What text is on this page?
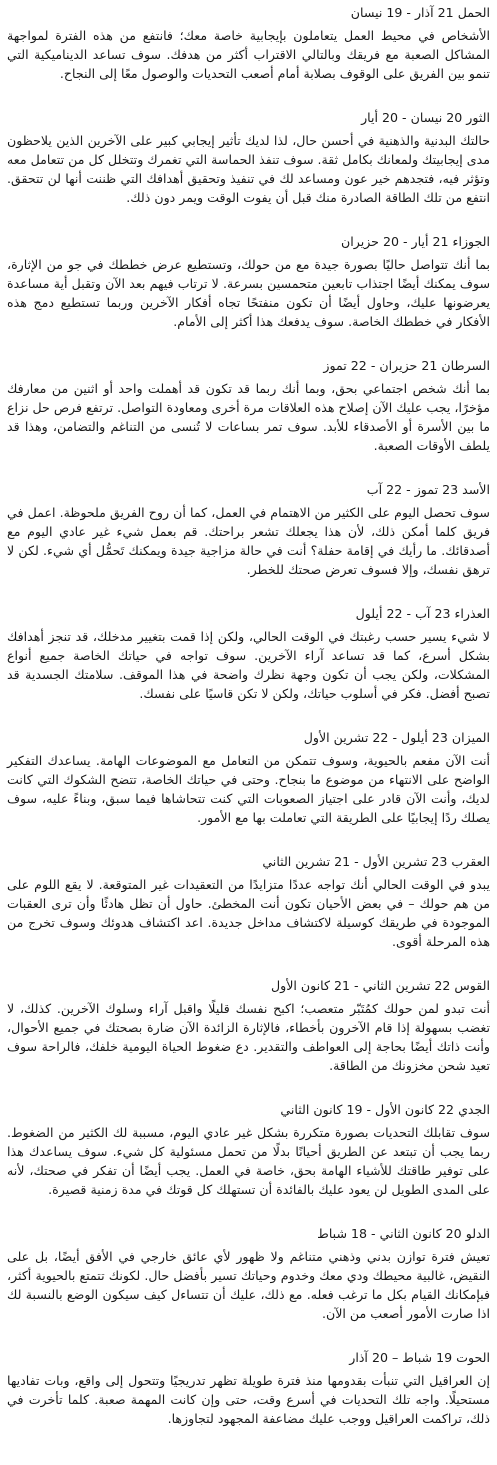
الحمل 21 آذار - 19 نيسان

الأشخاص في محيط العمل يتعاملون بإيجابية خاصة معك؛ فانتفع من هذه الفترة لمواجهة المشاكل الصعبة مع فريقك وبالتالي الاقتراب أكثر من هدفك. سوف تساعد الديناميكية التي تنمو بين الفريق على الوقوف بصلابة أمام أصعب التحديات والوصول معًا إلى النجاح.

الثور 20 نيسان - 20 أيار

حالتك البدنية والذهنية في أحسن حال، لذا لديك تأثير إيجابي كبير على الآخرين الذين يلاحظون مدى إيجابيتك ولمعانك بكامل ثقة. سوف تنفذ الحماسة التي تغمرك وتتخلل كل من تتعامل معه وتؤثر فيه، فتجدهم خير عون ومساعد لك في تنفيذ وتحقيق أهدافك التي ظننت أنها لن تتحقق. انتفع من تلك الطاقة الصادرة منك قبل أن يفوت الوقت ويمر دون ذلك.

الجوزاء 21 أيار - 20 حزيران

بما أنك تتواصل حاليًا بصورة جيدة مع من حولك، وتستطيع عرض خططك في جو من الإثارة، سوف يمكنك أيضًا اجتذاب تابعين متحمسين بسرعة. لا ترتاب فيهم بعد الآن وتقبل أية مساعدة يعرضونها عليك، وحاول أيضًا أن تكون منفتحًا تجاه أفكار الآخرين وربما تستطيع دمج هذه الأفكار في خططك الخاصة. سوف يدفعك هذا أكثر إلى الأمام.

السرطان 21 حزيران - 22 تموز

بما أنك شخص اجتماعي بحق، وبما أنك ربما قد تكون قد أهملت واحد أو اثنين من معارفك مؤخرًا، يجب عليك الآن إصلاح هذه العلاقات مرة أخرى ومعاودة التواصل. ترتفع فرص حل نزاع ما بين الأسرة أو الأصدقاء للأبد. سوف تمر بساعات لا تُنسى من التناغم والتضامن، وهذا قد يلطف الأوقات الصعبة.

الأسد 23 تموز - 22 آب

سوف تحصل اليوم على الكثير من الاهتمام في العمل، كما أن روح الفريق ملحوظة. اعمل في فريق كلما أمكن ذلك، لأن هذا يجعلك تشعر براحتك. قم بعمل شيء غير عادي اليوم مع أصدقائك. ما رأيك في إقامة حفلة؟ أنت في حالة مزاجية جيدة ويمكنك تَحمُّل أي شيء. لكن لا ترهق نفسك، وإلا فسوف تعرض صحتك للخطر.

العذراء 23 آب - 22 أيلول

لا شيء يسير حسب رغبتك في الوقت الحالي، ولكن إذا قمت بتغيير مدخلك، قد تنجز أهدافك بشكل أسرع، كما قد تساعد آراء الآخرين. سوف تواجه في حياتك الخاصة جميع أنواع المشكلات، ولكن يجب أن تكون وجهة نظرك واضحة في هذا الموقف. سلامتك الجسدية قد تصبح أفضل. فكر في أسلوب حياتك، ولكن لا تكن قاسيًا على نفسك.

الميزان 23 أيلول - 22 تشرين الأول

أنت الآن مفعم بالحيوية، وسوف تتمكن من التعامل مع الموضوعات الهامة. يساعدك التفكير الواضح على الانتهاء من موضوع ما بنجاح. وحتى في حياتك الخاصة، تتضح الشكوك التي كانت لديك، وأنت الآن قادر على اجتياز الصعوبات التي كنت تتحاشاها فيما سبق، وبناءً عليه، سوف يصلك ردًا إيجابيًا على الطريقة التي تعاملت بها مع الأمور.

العقرب 23 تشرين الأول - 21 تشرين الثاني

يبدو في الوقت الحالي أنك تواجه عددًا متزايدًا من التعقيدات غير المتوقعة. لا يقع اللوم على من هم حولك – في بعض الأحيان تكون أنت المخطئ. حاول أن تظل هادئًا وأن ترى العقبات الموجودة في طريقك كوسيلة لاكتشاف مداخل جديدة. اعد اكتشاف هدوئك وسوف تخرج من هذه المرحلة أقوى.

القوس 22 تشرين الثاني - 21 كانون الأول

أنت تبدو لمن حولك كمُتَبّر متعصب؛ اكبح نفسك قليلًا واقبل آراء وسلوك الآخرين. كذلك، لا تغضب بسهولة إذا قام الآخرون بأخطاء، فالإثارة الزائدة الآن ضارة بصحتك في جميع الأحوال، وأنت ذاتك أيضًا بحاجة إلى العواطف والتقدير. دع ضغوط الحياة اليومية خلفك، فالراحة سوف تعيد شحن مخزونك من الطاقة.

الجدي 22 كانون الأول - 19 كانون الثاني

سوف تقابلك التحديات بصورة متكررة بشكل غير عادي اليوم، مسببة لك الكثير من الضغوط. ربما يجب أن تبتعد عن الطريق أحيانًا بدلًا من تحمل مسئولية كل شيء. سوف يساعدك هذا على توفير طاقتك للأشياء الهامة بحق، خاصة في العمل. يجب أيضًا أن تفكر في صحتك، لأنه على المدى الطويل لن يعود عليك بالفائدة أن تستهلك كل قوتك في مدة زمنية قصيرة.

الدلو 20 كانون الثاني - 18 شباط

تعيش فترة توازن بدني وذهني متناغم ولا ظهور لأي عائق خارجي في الأفق أيضًا، بل على النقيض، غالبية محيطك ودي معك وخدوم وحياتك تسير بأفضل حال. لكونك تتمتع بالحيوية أكثر، فبإمكانك القيام بكل ما ترغب فعله. مع ذلك، عليك أن تتساءل كيف سيكون الوضع بالنسبة لك اذا صارت الأمور أصعب من الآن.

الحوت 19 شباط – 20 آذار

إن العراقيل التي تنبأت بقدومها منذ فترة طويلة تظهر تدريجيًا وتتحول إلى واقع، وبات تفاديها مستحيلًا. واجه تلك التحديات في أسرع وقت، حتى وإن كانت المهمة صعبة. كلما تأخرت في ذلك، تراكمت العراقيل ووجب عليك مضاعفة المجهود لتجاوزها.
